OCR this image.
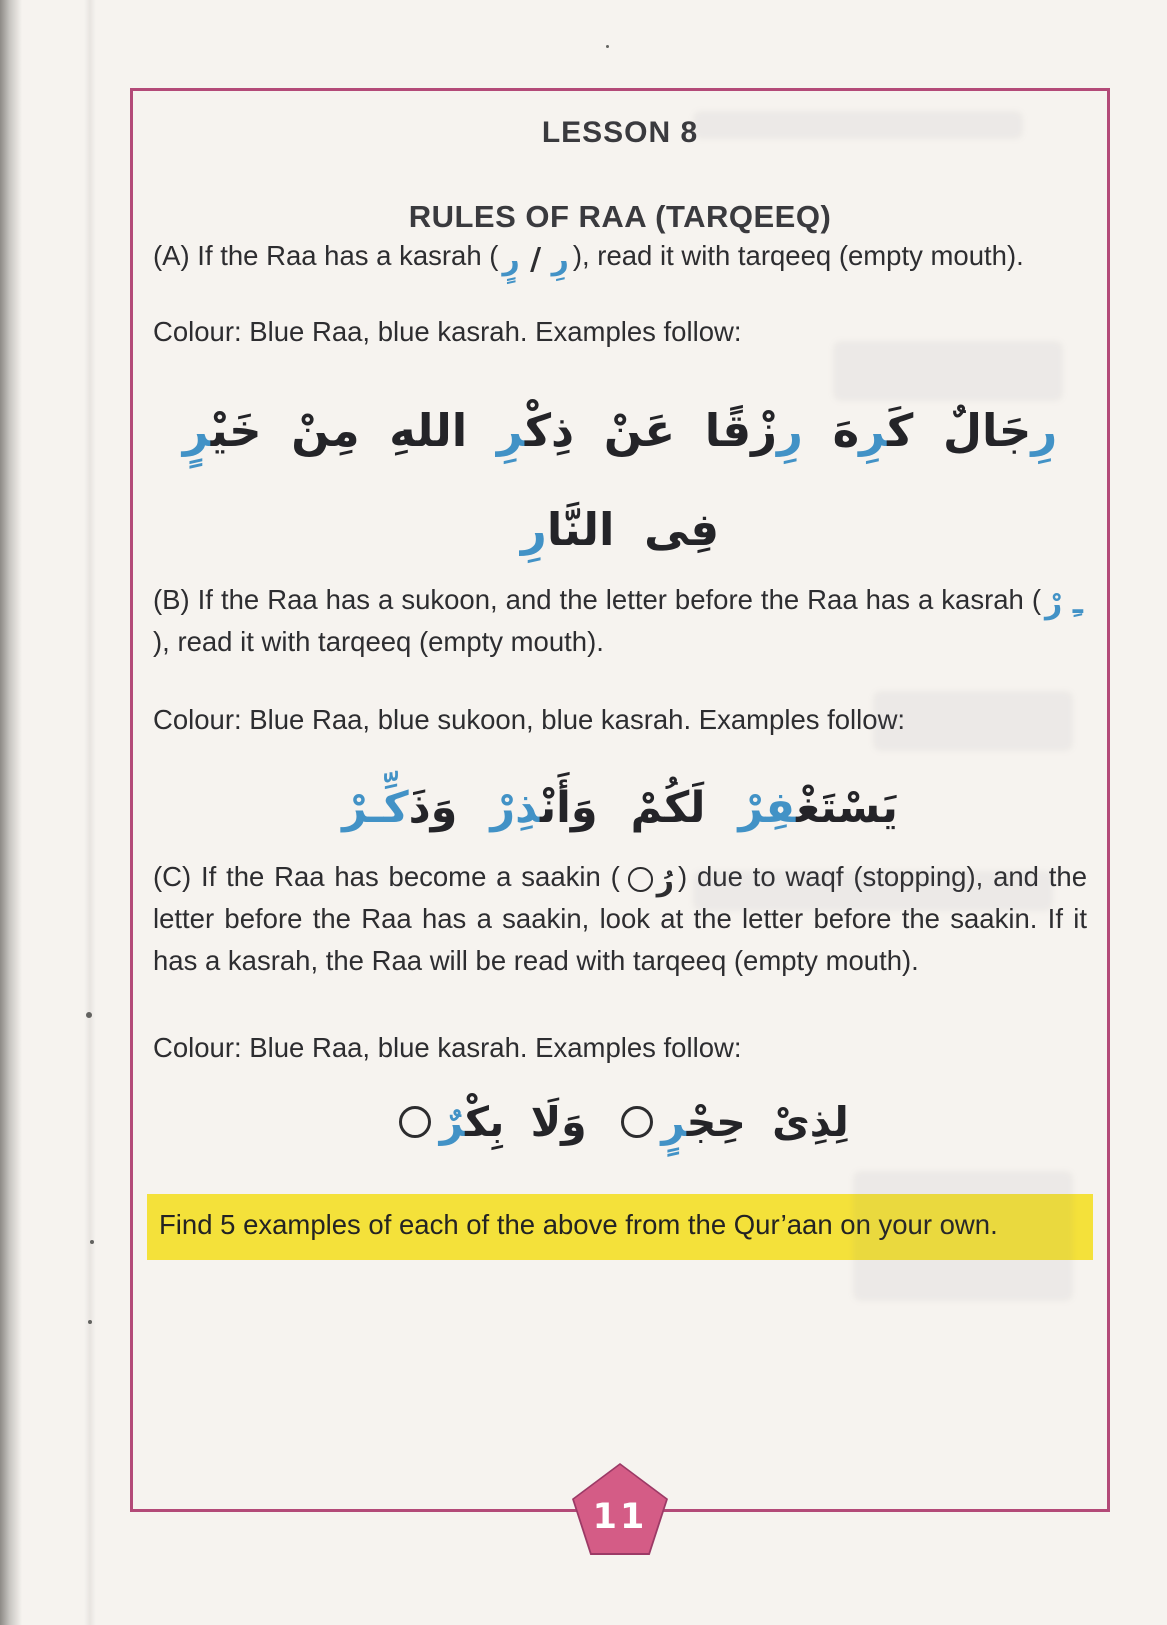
LESSON 8
RULES OF RAA (TARQEEQ)

(A) If the Raa has a kasrah ( رِ / رٍ ), read it with tarqeeq (empty mouth).

Colour: Blue Raa, blue kasrah. Examples follow:

رِجَالٌ كَرِهَ رِزْقًا عَنْ ذِكْرِ اللهِ مِنْ خَيْرٍ فِى النَّارِ

(B) If the Raa has a sukoon, and the letter before the Raa has a kasrah ( ـِ رْ), read it with tarqeeq (empty mouth).

Colour: Blue Raa, blue sukoon, blue kasrah. Examples follow:

يَسْتَغْفِرْ لَكُمْ وَأَنْذِرْ وَذَكِّـرْ

(C) If the Raa has become a saakin ( رُ ) due to waqf (stopping), and the letter before the Raa has a saakin, look at the letter before the saakin. If it has a kasrah, the Raa will be read with tarqeeq (empty mouth).

Colour: Blue Raa, blue kasrah. Examples follow:

لِذِىْ حِجْرٍ وَلَا بِكْرٌ
Find 5 examples of each of the above from the Qur’aan on your own.
11
